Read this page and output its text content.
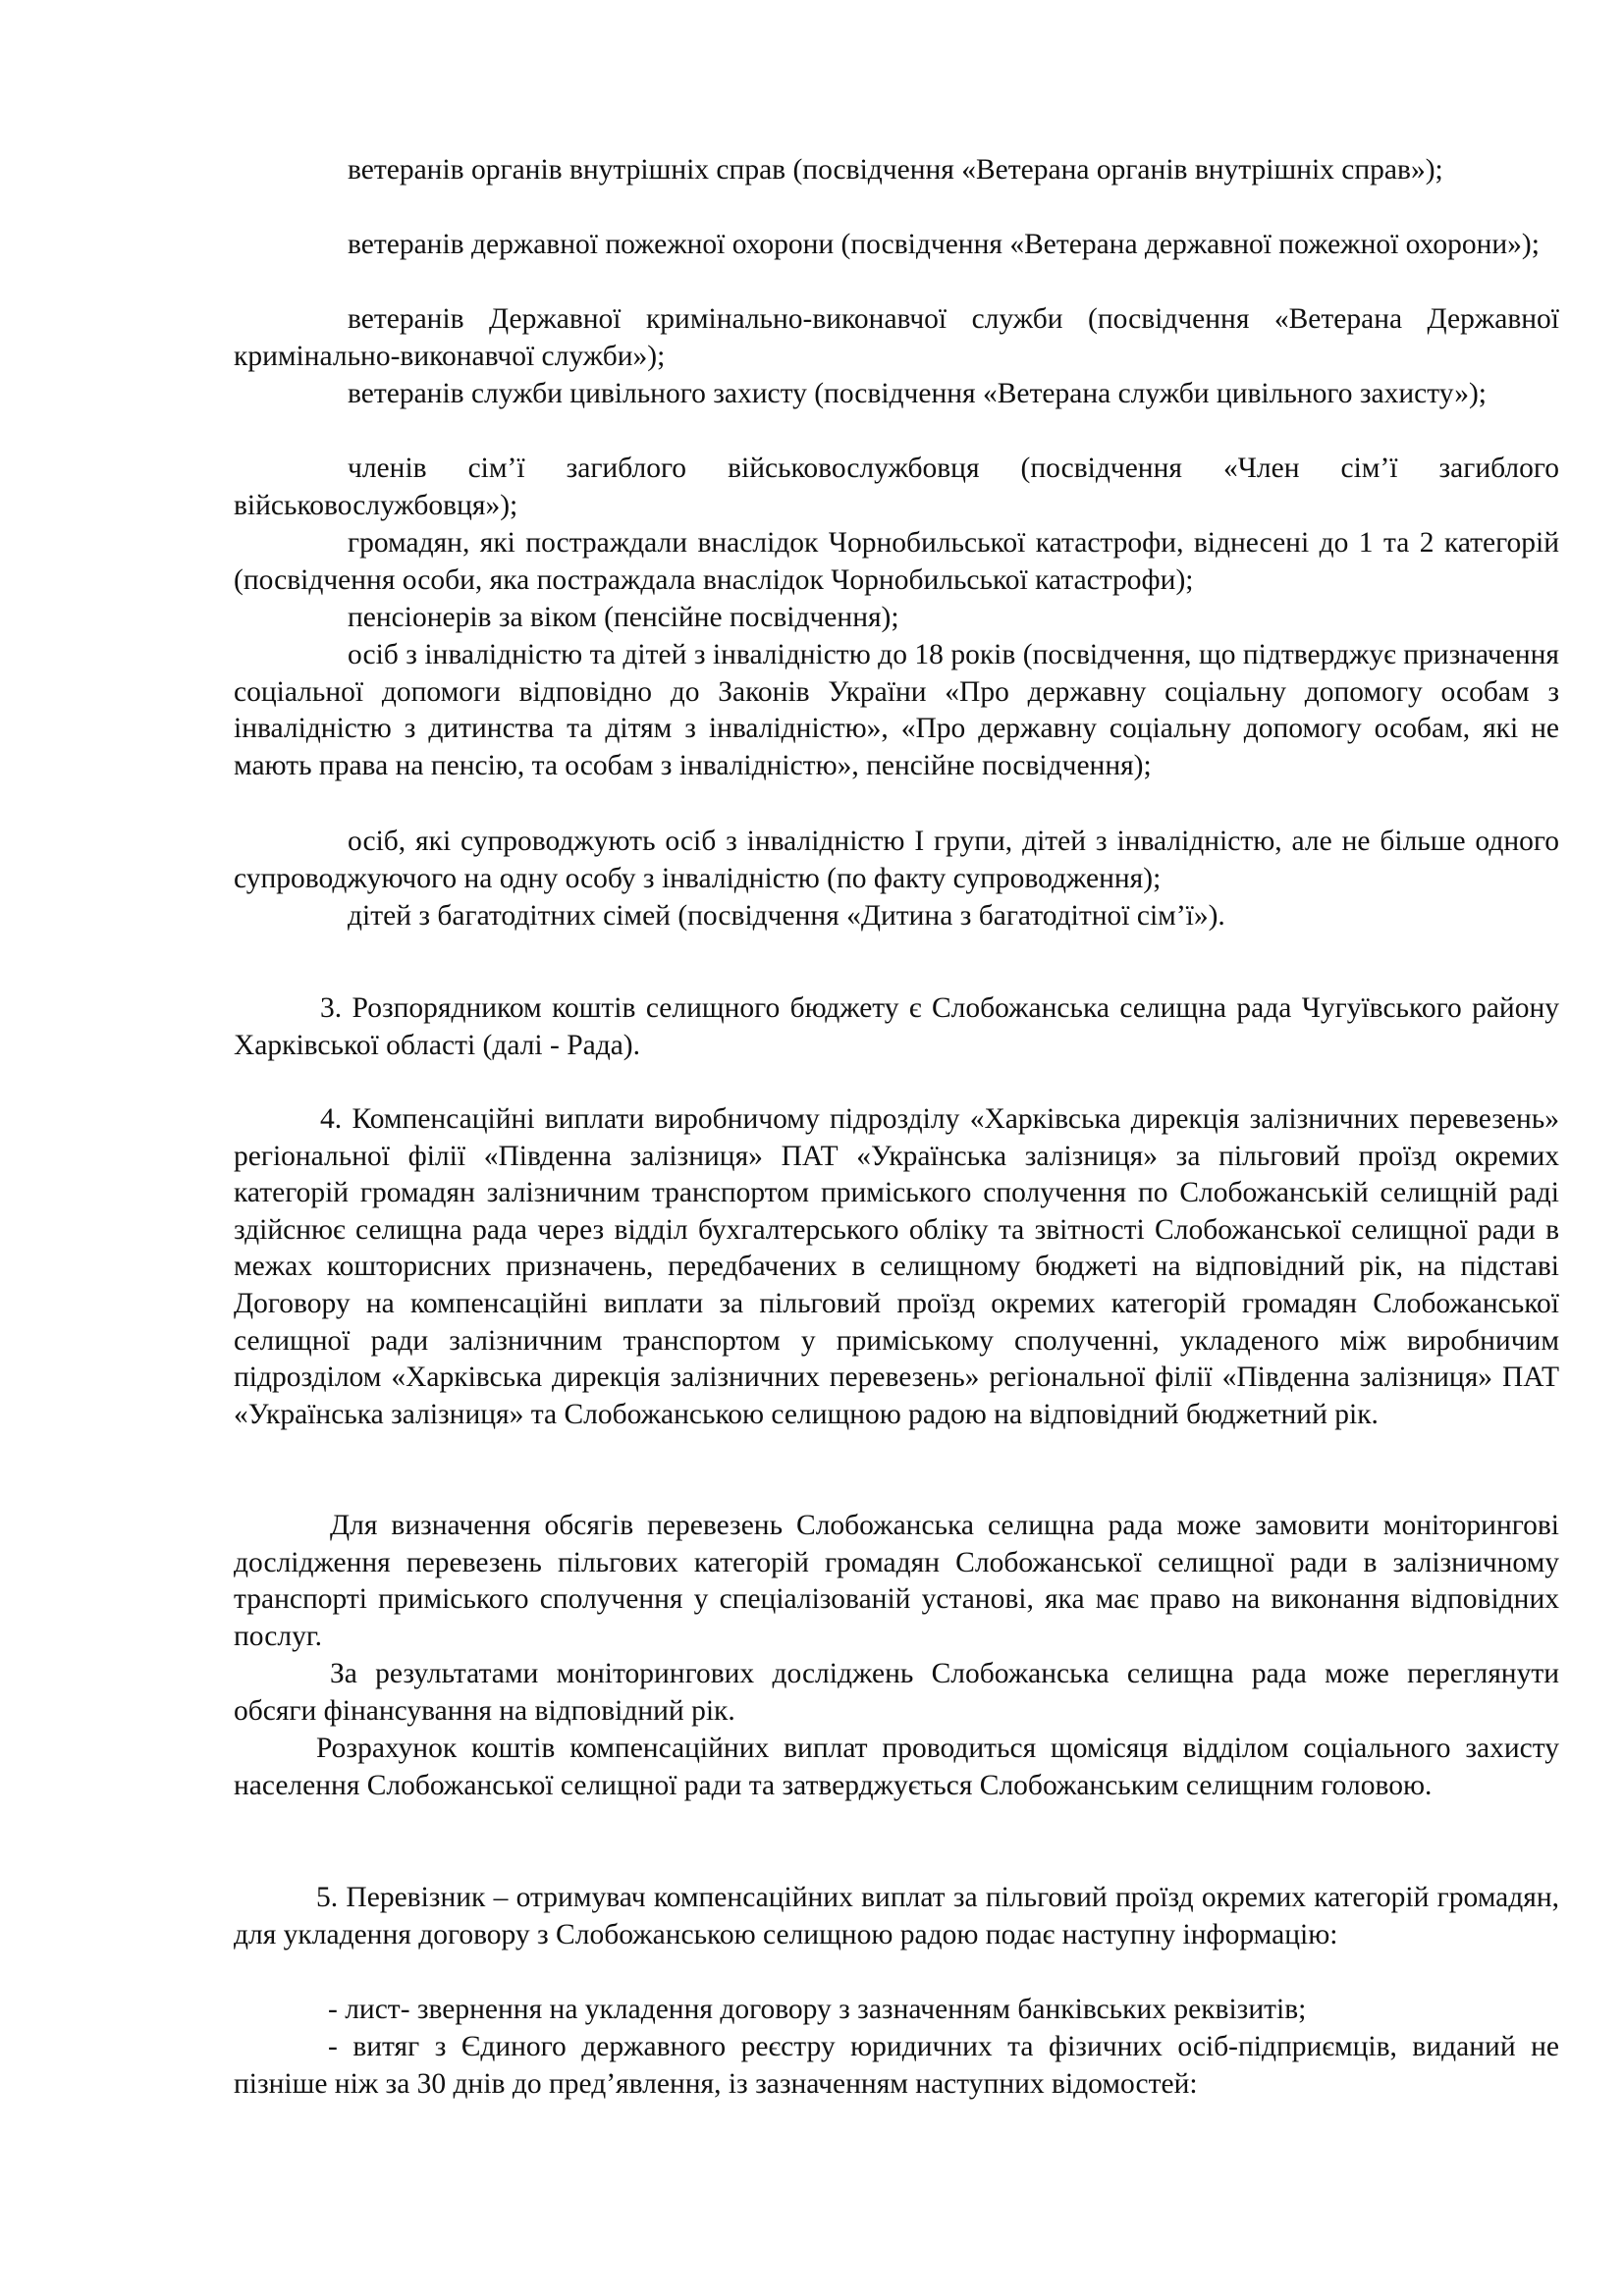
ветеранів органів внутрішніх справ (посвідчення «Ветерана органів внутрішніх справ»);

ветеранів державної пожежної охорони (посвідчення «Ветерана державної пожежної охорони»);

ветеранів Державної кримінально-виконавчої служби (посвідчення «Ветерана Державної кримінально-виконавчої служби»);

ветеранів служби цивільного захисту (посвідчення «Ветерана служби цивільного захисту»);

членів сім’ї загиблого військовослужбовця (посвідчення «Член сім’ї загиблого військовослужбовця»);

громадян, які постраждали внаслідок Чорнобильської катастрофи, віднесені до 1 та 2 категорій (посвідчення особи, яка постраждала внаслідок Чорнобильської катастрофи);

пенсіонерів за віком (пенсійне посвідчення);

осіб з інвалідністю та дітей з інвалідністю до 18 років (посвідчення, що підтверджує призначення соціальної допомоги відповідно до Законів України «Про державну соціальну допомогу особам з інвалідністю з дитинства та дітям з інвалідністю», «Про державну соціальну допомогу особам, які не мають права на пенсію, та особам з інвалідністю», пенсійне посвідчення);

осіб, які супроводжують осіб з інвалідністю I групи, дітей з інвалідністю, але не більше одного супроводжуючого на одну особу з інвалідністю (по факту супроводження);

дітей з багатодітних сімей (посвідчення «Дитина з багатодітної сім’ї»).

3. Розпорядником коштів селищного бюджету є Слобожанська селищна рада Чугуївського району Харківської області (далі - Рада).

4. Компенсаційні виплати виробничому підрозділу «Харківська дирекція залізничних перевезень» регіональної філії «Південна залізниця» ПАТ «Українська залізниця» за пільговий проїзд окремих категорій громадян залізничним транспортом приміського сполучення по Слобожанській селищній раді здійснює селищна рада через відділ бухгалтерського обліку та звітності Слобожанської селищної ради в межах кошторисних призначень, передбачених в селищному бюджеті на відповідний рік, на підставі Договору на компенсаційні виплати за пільговий проїзд окремих категорій громадян Слобожанської селищної ради залізничним транспортом у приміському сполученні, укладеного між виробничим підрозділом «Харківська дирекція залізничних перевезень» регіональної філії «Південна залізниця» ПАТ «Українська залізниця» та Слобожанською селищною радою на відповідний бюджетний рік.

Для визначення обсягів перевезень Слобожанська селищна рада може замовити моніторингові дослідження перевезень пільгових категорій громадян Слобожанської селищної ради в залізничному транспорті приміського сполучення у спеціалізованій установі, яка має право на виконання відповідних послуг.

За результатами моніторингових досліджень Слобожанська селищна рада може переглянути обсяги фінансування на відповідний рік.

Розрахунок коштів компенсаційних виплат проводиться щомісяця відділом соціального захисту населення Слобожанської селищної ради та затверджується Слобожанським селищним головою.

5. Перевізник – отримувач компенсаційних виплат за пільговий проїзд окремих категорій громадян, для укладення договору з Слобожанською селищною радою подає наступну інформацію:

- лист- звернення на укладення договору з зазначенням банківських реквізитів;

- витяг з Єдиного державного реєстру юридичних та фізичних осіб-підприємців, виданий не пізніше ніж за 30 днів до пред’явлення, із зазначенням наступних відомостей:
